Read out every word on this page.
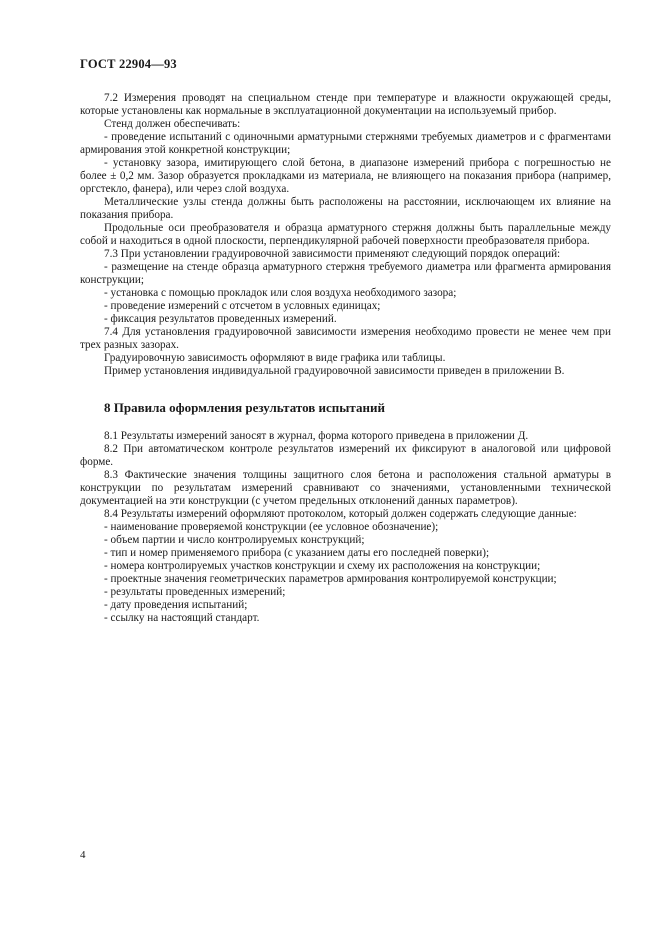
ГОСТ 22904—93

7.2 Измерения проводят на специальном стенде при температуре и влажности окружающей среды, которые установлены как нормальные в эксплуатационной документации на используемый прибор.

Стенд должен обеспечивать:

- проведение испытаний с одиночными арматурными стержнями требуемых диаметров и с фрагментами армирования этой конкретной конструкции;

- установку зазора, имитирующего слой бетона, в диапазоне измерений прибора с погрешностью не более ± 0,2 мм. Зазор образуется прокладками из материала, не влияющего на показания прибора (например, оргстекло, фанера), или через слой воздуха.

Металлические узлы стенда должны быть расположены на расстоянии, исключающем их влияние на показания прибора.

Продольные оси преобразователя и образца арматурного стержня должны быть параллельные между собой и находиться в одной плоскости, перпендикулярной рабочей поверхности преобразователя прибора.

7.3 При установлении градуировочной зависимости применяют следующий порядок операций:

- размещение на стенде образца арматурного стержня требуемого диаметра или фрагмента армирования конструкции;

- установка с помощью прокладок или слоя воздуха необходимого зазора;

- проведение измерений с отсчетом в условных единицах;

- фиксация результатов проведенных измерений.

7.4 Для установления градуировочной зависимости измерения необходимо провести не менее чем при трех разных зазорах.

Градуировочную зависимость оформляют в виде графика или таблицы.

Пример установления индивидуальной градуировочной зависимости приведен в приложении В.

8 Правила оформления результатов испытаний

8.1 Результаты измерений заносят в журнал, форма которого приведена в приложении Д.

8.2 При автоматическом контроле результатов измерений их фиксируют в аналоговой или цифровой форме.

8.3 Фактические значения толщины защитного слоя бетона и расположения стальной арматуры в конструкции по результатам измерений сравнивают со значениями, установленными технической документацией на эти конструкции (с учетом предельных отклонений данных параметров).

8.4 Результаты измерений оформляют протоколом, который должен содержать следующие данные:

- наименование проверяемой конструкции (ее условное обозначение);

- объем партии и число контролируемых конструкций;

- тип и номер применяемого прибора (с указанием даты его последней поверки);

- номера контролируемых участков конструкции и схему их расположения на конструкции;

- проектные значения геометрических параметров армирования контролируемой конструкции;

- результаты проведенных измерений;

- дату проведения испытаний;

- ссылку на настоящий стандарт.

4
